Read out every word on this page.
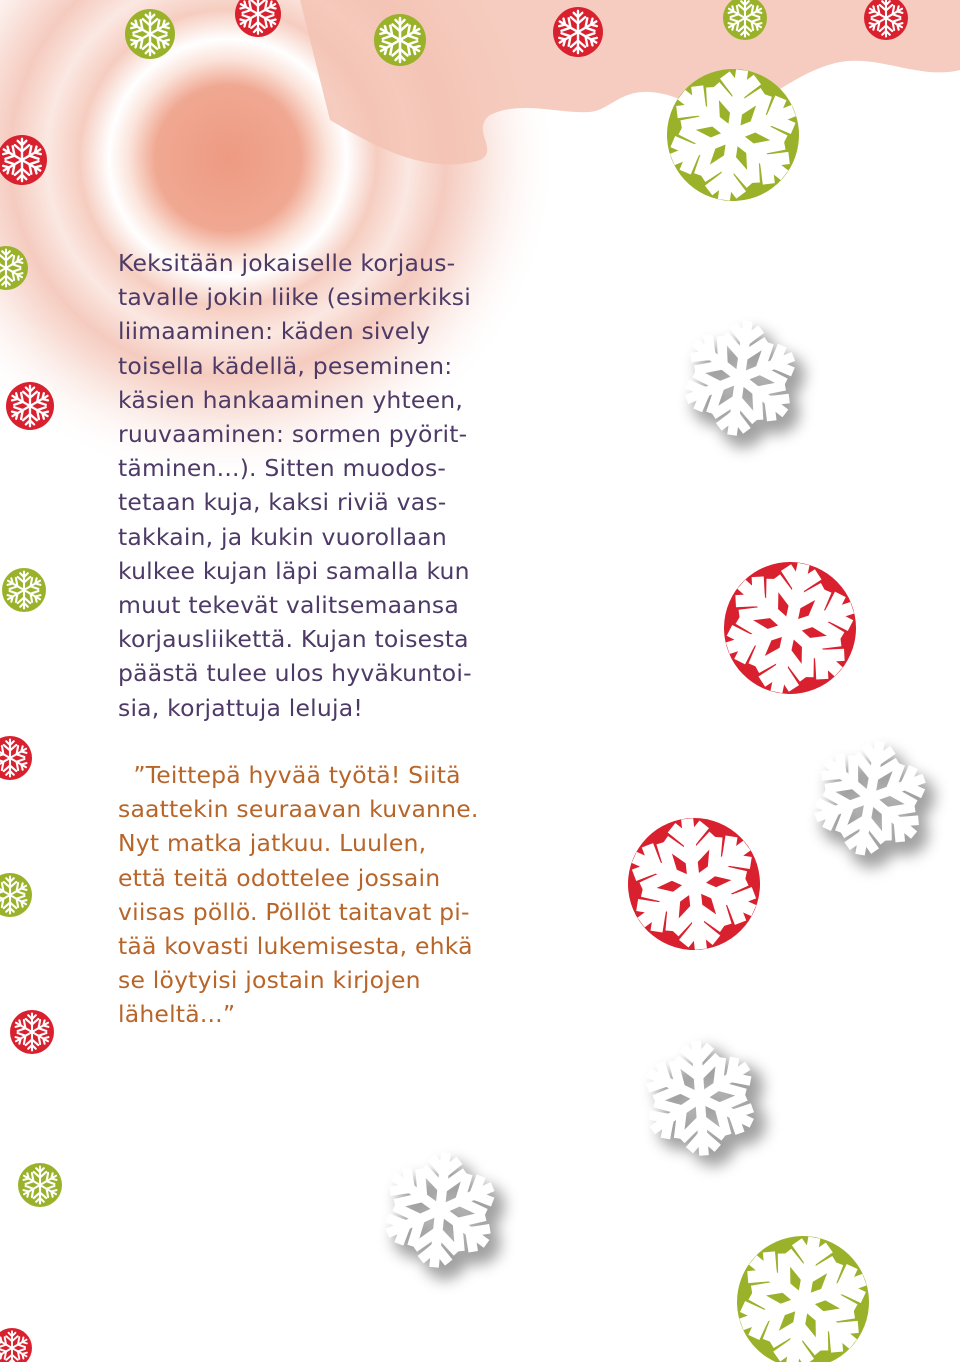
Keksitään jokaiselle korjaus-
tavalle jokin liike (esimerkiksi
liimaaminen: käden sively
toisella kädellä, peseminen:
käsien hankaaminen yhteen,
ruuvaaminen: sormen pyörit-
täminen...). Sitten muodos-
tetaan kuja, kaksi riviä vas-
takkain, ja kukin vuorollaan
kulkee kujan läpi samalla kun
muut tekevät valitsemaansa
korjausliikettä. Kujan toisesta
päästä tulee ulos hyväkuntoi-
sia, korjattuja leluja!

”Teittepä hyvää työtä! Siitä
saattekin seuraavan kuvanne.
Nyt matka jatkuu. Luulen,
että teitä odottelee jossain
viisas pöllö. Pöllöt taitavat pi-
tää kovasti lukemisesta, ehkä
se löytyisi jostain kirjojen
läheltä...”
